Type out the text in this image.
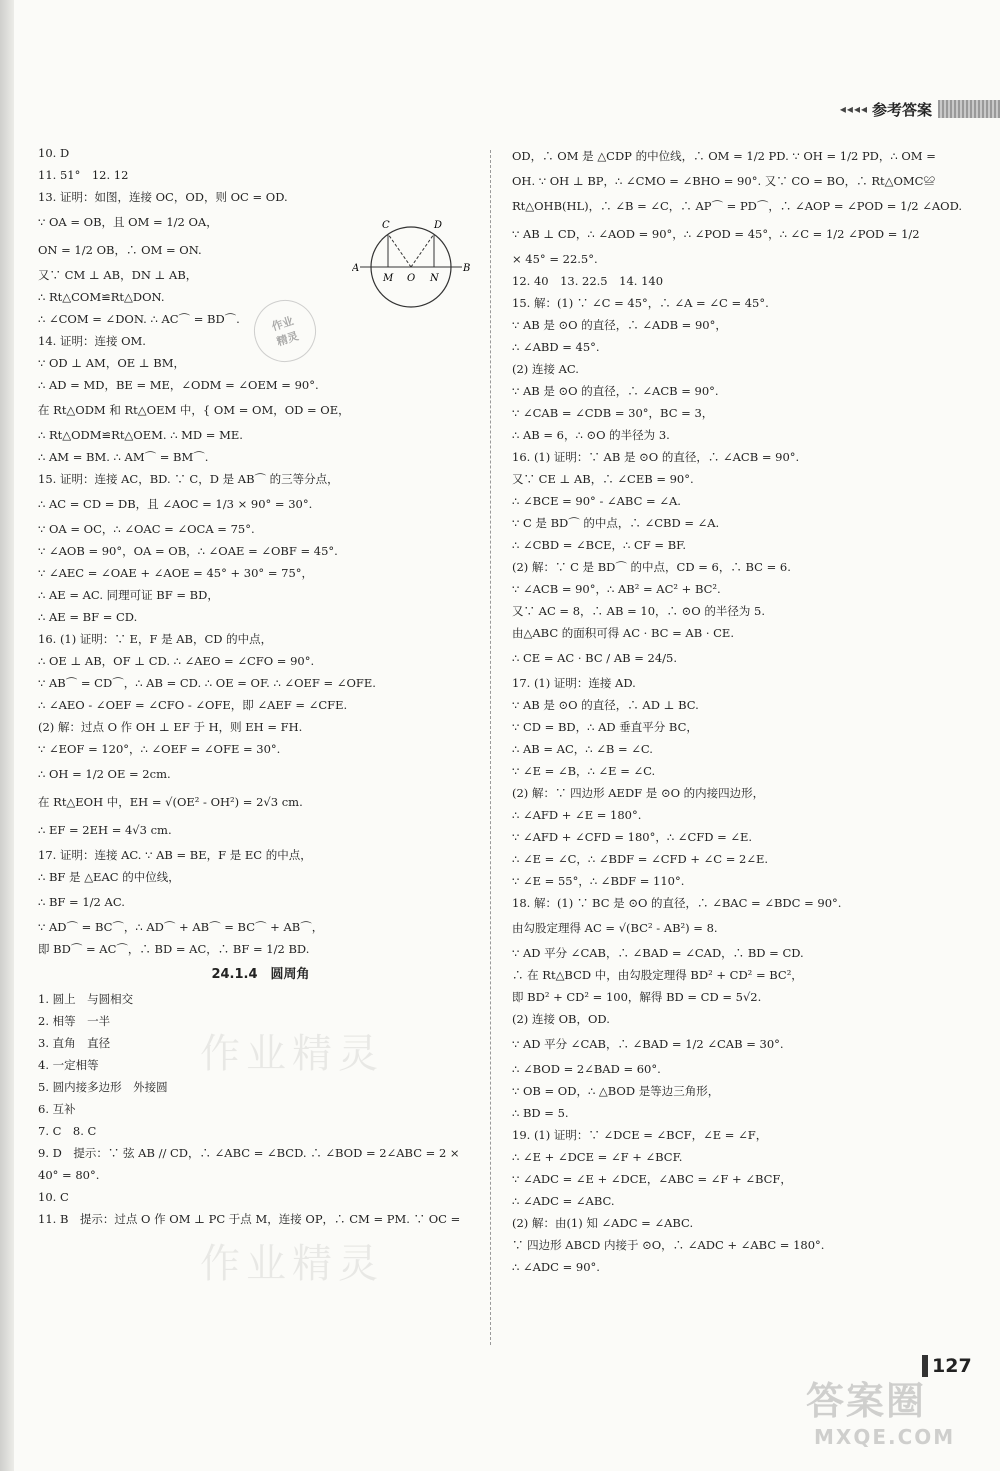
◂◂◂◂ 参考答案
10. D
11. 51°　12. 12
13. 证明：如图，连接 OC，OD，则 OC = OD.
∵ OA = OB，且 OM = 1/2 OA，
ON = 1/2 OB，∴ OM = ON.
又∵ CM ⊥ AB，DN ⊥ AB，
∴ Rt△COM≌Rt△DON.
∴ ∠COM = ∠DON. ∴ AC⌒ = BD⌒.
14. 证明：连接 OM.
∵ OD ⊥ AM，OE ⊥ BM，
∴ AD = MD，BE = ME，∠ODM = ∠OEM = 90°.
在 Rt△ODM 和 Rt△OEM 中，{ OM = OM，OD = OE，
∴ Rt△ODM≌Rt△OEM. ∴ MD = ME.
∴ AM = BM. ∴ AM⌒ = BM⌒.
15. 证明：连接 AC，BD. ∵ C，D 是 AB⌒ 的三等分点，
∴ AC = CD = DB，且 ∠AOC = 1/3 × 90° = 30°.
∵ OA = OC，∴ ∠OAC = ∠OCA = 75°.
∵ ∠AOB = 90°，OA = OB，∴ ∠OAE = ∠OBF = 45°.
∵ ∠AEC = ∠OAE + ∠AOE = 45° + 30° = 75°，
∴ AE = AC. 同理可证 BF = BD，
∴ AE = BF = CD.
16. (1) 证明：∵ E，F 是 AB，CD 的中点，
∴ OE ⊥ AB，OF ⊥ CD. ∴ ∠AEO = ∠CFO = 90°.
∵ AB⌒ = CD⌒，∴ AB = CD. ∴ OE = OF. ∴ ∠OEF = ∠OFE.
∴ ∠AEO - ∠OEF = ∠CFO - ∠OFE，即 ∠AEF = ∠CFE.
(2) 解：过点 O 作 OH ⊥ EF 于 H，则 EH = FH.
∵ ∠EOF = 120°，∴ ∠OEF = ∠OFE = 30°.
∴ OH = 1/2 OE = 2cm.
在 Rt△EOH 中，EH = √(OE² - OH²) = 2√3 cm.
∴ EF = 2EH = 4√3 cm.
17. 证明：连接 AC. ∵ AB = BE，F 是 EC 的中点，
∴ BF 是 △EAC 的中位线，
∴ BF = 1/2 AC.
∵ AD⌒ = BC⌒，∴ AD⌒ + AB⌒ = BC⌒ + AB⌒，
即 BD⌒ = AC⌒，∴ BD = AC，∴ BF = 1/2 BD.
24.1.4　圆周角
1. 圆上　与圆相交
2. 相等　一半
3. 直角　直径
4. 一定相等
5. 圆内接多边形　外接圆
6. 互补
7. C　8. C
9. D　提示：∵ 弦 AB // CD，∴ ∠ABC = ∠BCD. ∴ ∠BOD = 2∠ABC = 2 ×
40° = 80°.
10. C
11. B　提示：过点 O 作 OM ⊥ PC 于点 M，连接 OP，∴ CM = PM. ∵ OC =
OD，∴ OM 是 △CDP 的中位线，∴ OM = 1/2 PD. ∵ OH = 1/2 PD，∴ OM =
OH. ∵ OH ⊥ BP，∴ ∠CMO = ∠BHO = 90°. 又∵ CO = BO，∴ Rt△OMC≌
Rt△OHB(HL)，∴ ∠B = ∠C，∴ AP⌒ = PD⌒，∴ ∠AOP = ∠POD = 1/2 ∠AOD.
∵ AB ⊥ CD，∴ ∠AOD = 90°，∴ ∠POD = 45°，∴ ∠C = 1/2 ∠POD = 1/2
× 45° = 22.5°.
12. 40　13. 22.5　14. 140
15. 解：(1) ∵ ∠C = 45°，∴ ∠A = ∠C = 45°.
∵ AB 是 ⊙O 的直径，∴ ∠ADB = 90°，
∴ ∠ABD = 45°.
(2) 连接 AC.
∵ AB 是 ⊙O 的直径，∴ ∠ACB = 90°.
∵ ∠CAB = ∠CDB = 30°，BC = 3，
∴ AB = 6，∴ ⊙O 的半径为 3.
16. (1) 证明：∵ AB 是 ⊙O 的直径，∴ ∠ACB = 90°.
又∵ CE ⊥ AB，∴ ∠CEB = 90°.
∴ ∠BCE = 90° - ∠ABC = ∠A.
∵ C 是 BD⌒ 的中点，∴ ∠CBD = ∠A.
∴ ∠CBD = ∠BCE，∴ CF = BF.
(2) 解：∵ C 是 BD⌒ 的中点，CD = 6，∴ BC = 6.
∵ ∠ACB = 90°，∴ AB² = AC² + BC².
又∵ AC = 8，∴ AB = 10，∴ ⊙O 的半径为 5.
由△ABC 的面积可得 AC · BC = AB · CE.
∴ CE = AC · BC / AB = 24/5.
17. (1) 证明：连接 AD.
∵ AB 是 ⊙O 的直径，∴ AD ⊥ BC.
∵ CD = BD，∴ AD 垂直平分 BC，
∴ AB = AC，∴ ∠B = ∠C.
∵ ∠E = ∠B，∴ ∠E = ∠C.
(2) 解：∵ 四边形 AEDF 是 ⊙O 的内接四边形，
∴ ∠AFD + ∠E = 180°.
∵ ∠AFD + ∠CFD = 180°，∴ ∠CFD = ∠E.
∴ ∠E = ∠C，∴ ∠BDF = ∠CFD + ∠C = 2∠E.
∵ ∠E = 55°，∴ ∠BDF = 110°.
18. 解：(1) ∵ BC 是 ⊙O 的直径，∴ ∠BAC = ∠BDC = 90°.
由勾股定理得 AC = √(BC² - AB²) = 8.
∵ AD 平分 ∠CAB，∴ ∠BAD = ∠CAD，∴ BD = CD.
∴ 在 Rt△BCD 中，由勾股定理得 BD² + CD² = BC²，
即 BD² + CD² = 100，解得 BD = CD = 5√2.
(2) 连接 OB，OD.
∵ AD 平分 ∠CAB，∴ ∠BAD = 1/2 ∠CAB = 30°.
∴ ∠BOD = 2∠BAD = 60°.
∵ OB = OD，∴ △BOD 是等边三角形，
∴ BD = 5.
19. (1) 证明：∵ ∠DCE = ∠BCF，∠E = ∠F，
∴ ∠E + ∠DCE = ∠F + ∠BCF.
∵ ∠ADC = ∠E + ∠DCE，∠ABC = ∠F + ∠BCF，
∴ ∠ADC = ∠ABC.
(2) 解：由(1) 知 ∠ADC = ∠ABC.
∵ 四边形 ABCD 内接于 ⊙O，∴ ∠ADC + ∠ABC = 180°.
∴ ∠ADC = 90°.
C	D
A
M O N
B
作业
精灵
作业精灵
作业精灵
127
答案圈
MXQE.COM
